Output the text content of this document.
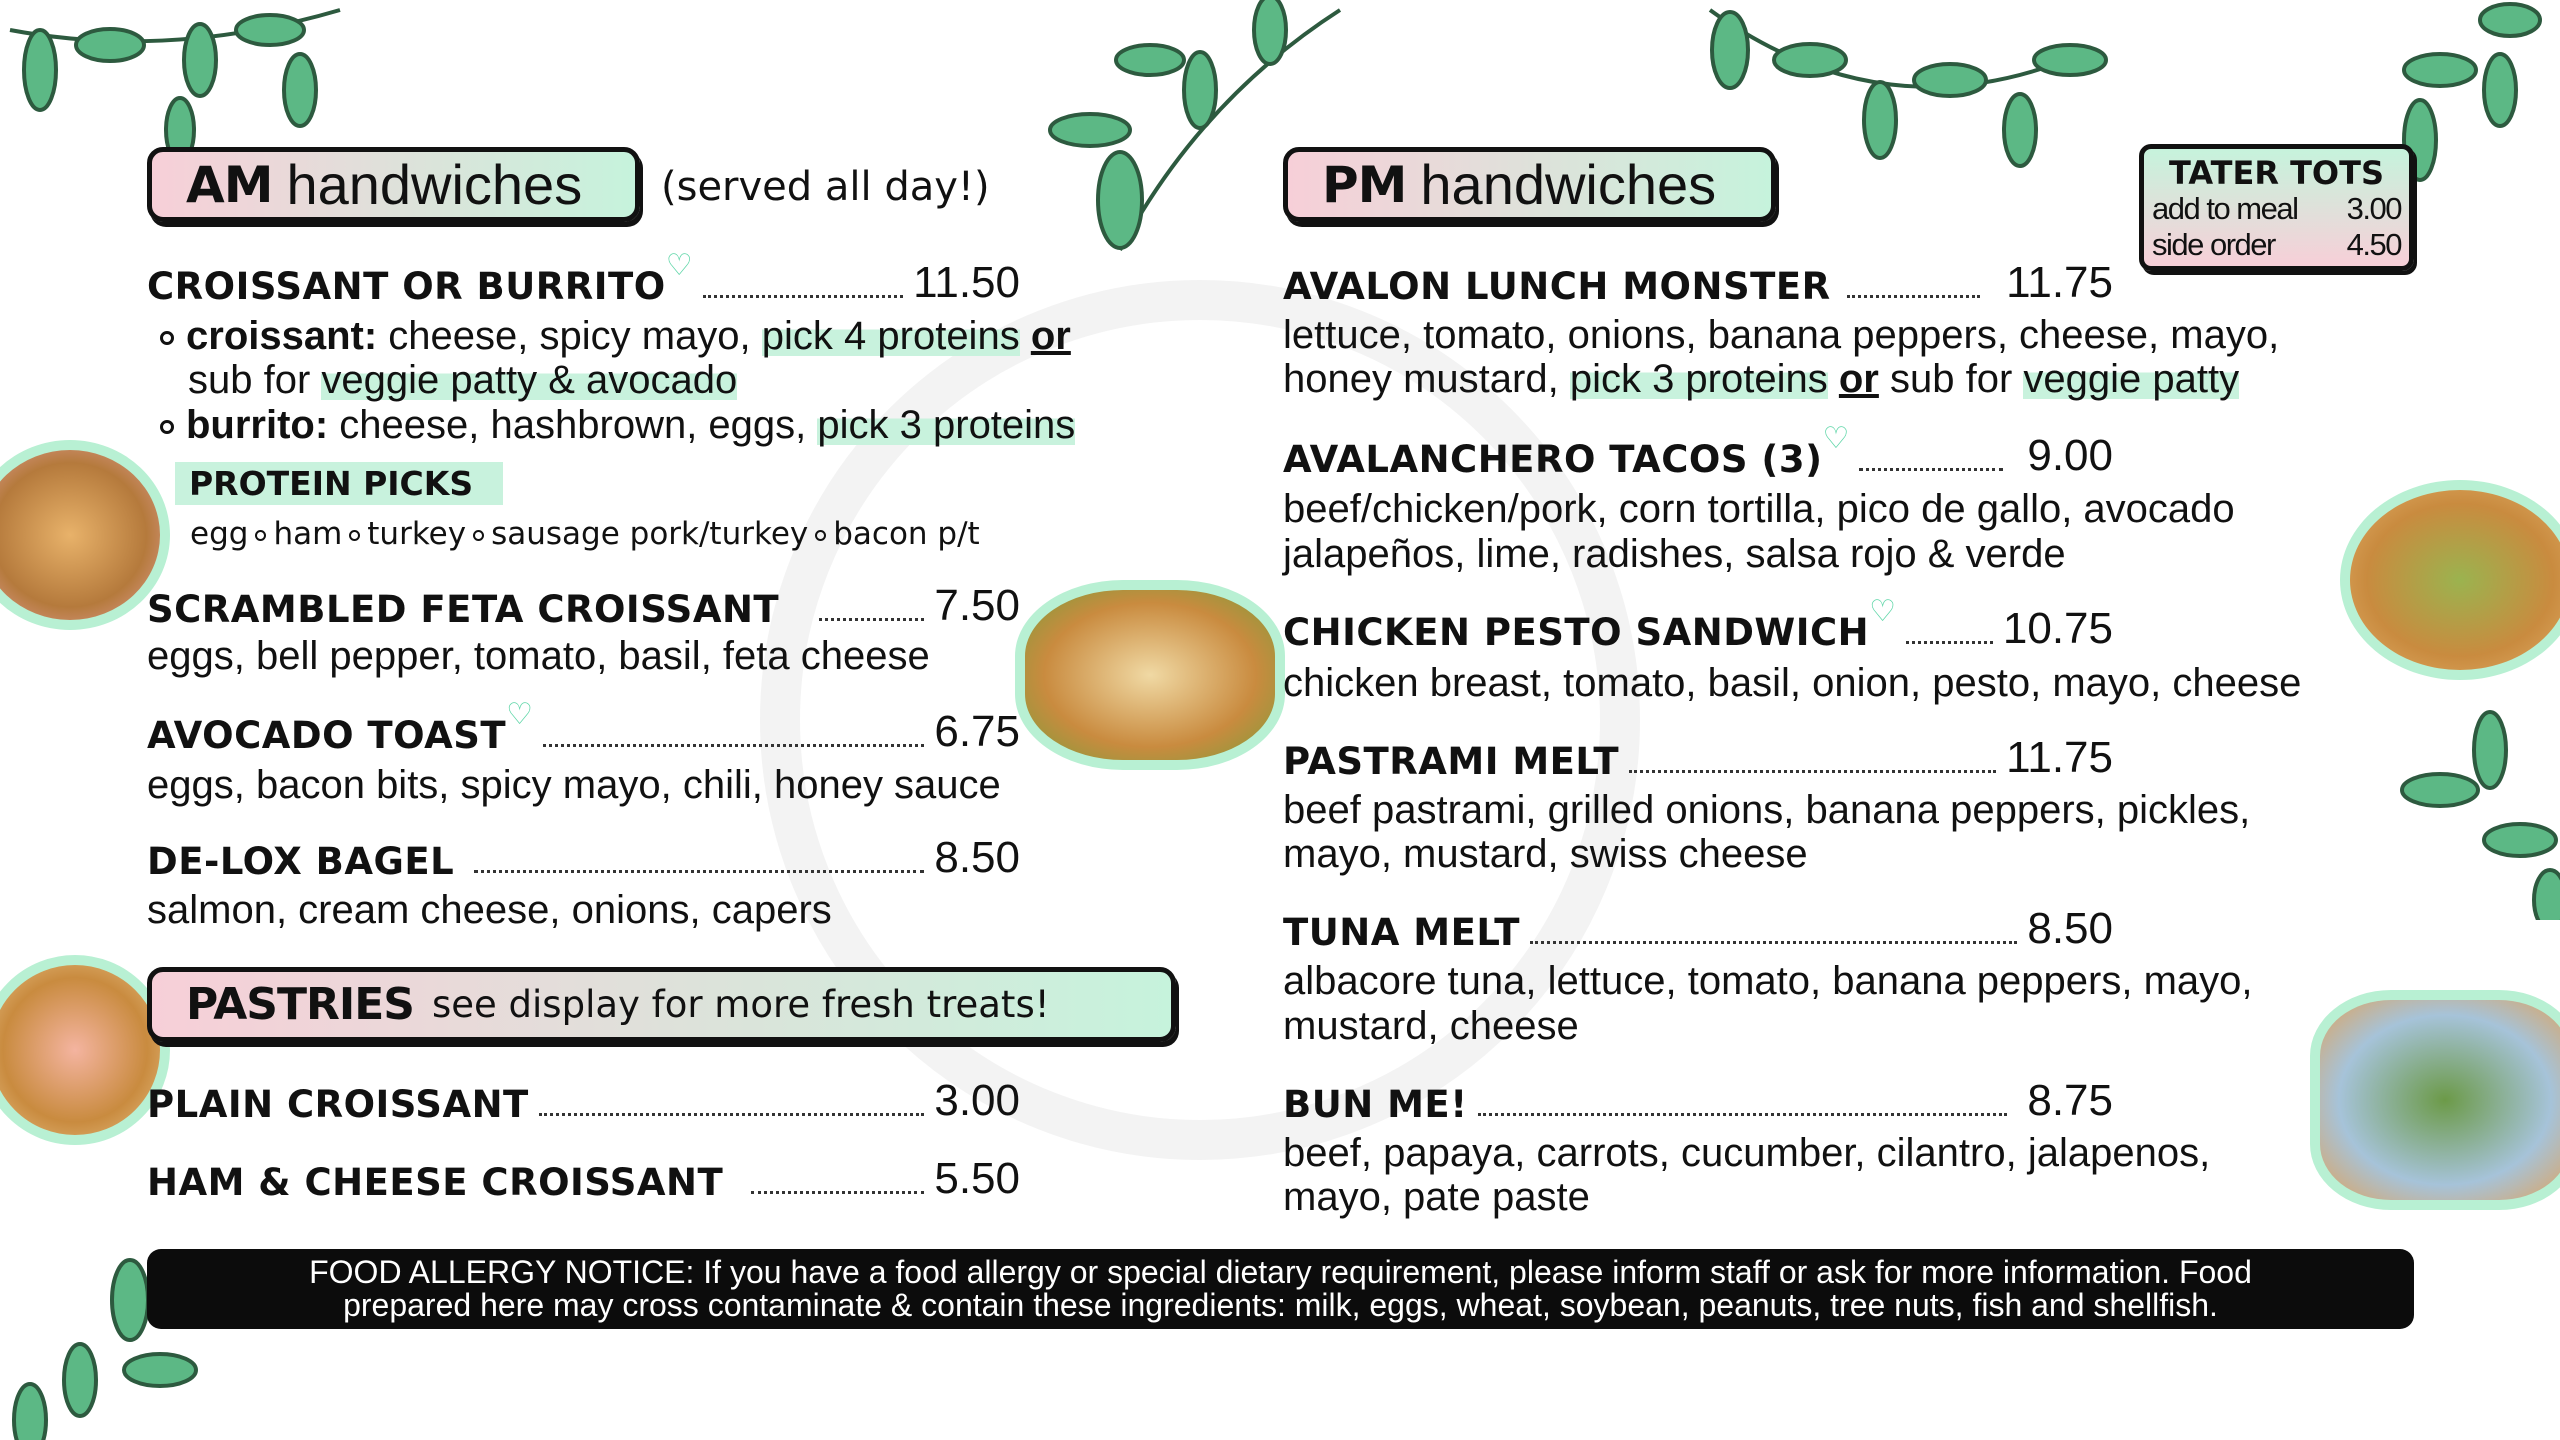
AM handwiches (served all day!)
CROISSANT OR BURRITO ♡	11.50
croissant: cheese, spicy mayo, pick 4 proteins or
sub for veggie patty & avocado
burrito: cheese, hashbrown, eggs, pick 3 proteins
PROTEIN PICKS
egg ham turkey sausage pork/turkey bacon p/t
SCRAMBLED FETA CROISSANT	7.50
eggs, bell pepper, tomato, basil, feta cheese
AVOCADO TOAST ♡	6.75
eggs, bacon bits, spicy mayo, chili, honey sauce
DE-LOX BAGEL	8.50
salmon, cream cheese, onions, capers
PASTRIES see display for more fresh treats!
PLAIN CROISSANT	3.00
HAM & CHEESE CROISSANT	5.50
PM handwiches	TATER TOTS
add to meal 3.00
side order 4.50
AVALON LUNCH MONSTER	11.75
lettuce, tomato, onions, banana peppers, cheese, mayo,
honey mustard, pick 3 proteins or sub for veggie patty
AVALANCHERO TACOS (3) ♡	9.00
beef/chicken/pork, corn tortilla, pico de gallo, avocado
jalapeños, lime, radishes, salsa rojo & verde
CHICKEN PESTO SANDWICH ♡ 10.75
chicken breast, tomato, basil, onion, pesto, mayo, cheese
PASTRAMI MELT	11.75
beef pastrami, grilled onions, banana peppers, pickles,
mayo, mustard, swiss cheese
TUNA MELT	8.50
albacore tuna, lettuce, tomato, banana peppers, mayo,
mustard, cheese
BUN ME!	8.75
beef, papaya, carrots, cucumber, cilantro, jalapenos,
mayo, pate paste
FOOD ALLERGY NOTICE: If you have a food allergy or special dietary requirement, please inform staff or ask for more information. Food
prepared here may cross contaminate & contain these ingredients: milk, eggs, wheat, soybean, peanuts, tree nuts, fish and shellfish.
